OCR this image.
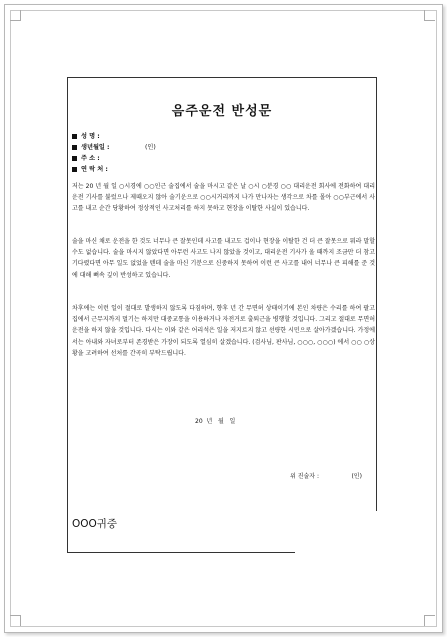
음주운전 반성문
성 명 :
생년월일 :                 (인)
주 소 :
연 락 처 :
저는 20 년 월 일 ○시경에 ○○인근 술집에서 술을 마시고 같은 날 ○시 ○분경 ○○ 대리운전 회사에 전화하여 대리운전 기사를 불렀으나 제때오지 않아 술기운으로 ○○시거리까지 나가 만나자는 생각으로 차를 몰아 ○○부근에서 사고를 내고 순간 당황하여 정상적인 사고처리를 하지 못하고 현장을 이탈한 사실이 있습니다.
술을 마신 채로 운전을 한 것도 너무나 큰 잘못인데 사고를 내고도 겁이나 현장을 이탈한 건 더 큰 잘못으로 뭐라 말할 수도 없습니다. 술을 마시지 않았다면 아무런 사고도 나지 않았을 것이고, 대리운전 기사가 올 때까지 조금만 더 참고 기다렸다면 아무 일도 없었을 텐데 술을 마신 기분으로 신중하지 못하여 이런 큰 사고를 내어 너무나 큰 피해를 준 것에 대해 뼈속 깊이 반성하고 있습니다.
차후에는 이런 일이 절대로 발생하지 않도록 다짐하며, 향후 년 간 무면허 상태이기에 본인 차량은 수리를 하여 팔고 집에서 근무지까지 멀기는 하지만 대중교통을 이용하거나 자전거로 출퇴근을 병행할 것입니다. 그리고 절대로 무면허 운전을 하지 않을 것입니다. 다시는 이와 같은 어리석은 일을 저지르지 않고 선량한 시민으로 살아가겠습니다. 가정에서는 아내와 자녀로부터 존경받은 가장이 되도록 열심히 살겠습니다. (검사님, 판사님, ○○○, ○○○) 에서 ○○ ○상황을 고려하여 선처를 간곡히 부탁드립니다.
20  년   월   일
위 진술자 :                 (인)
OOO귀중
